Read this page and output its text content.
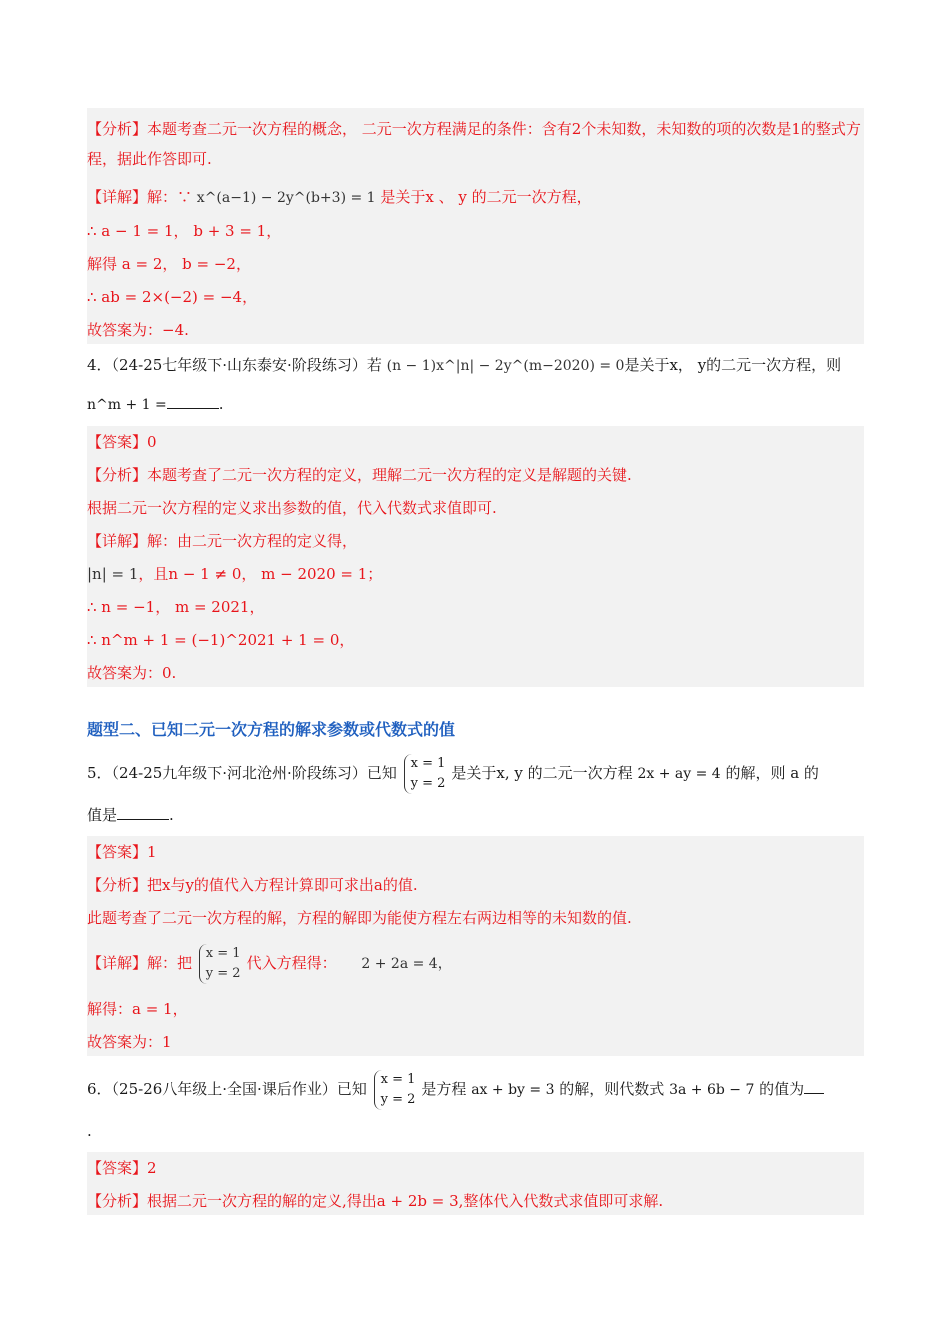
【分析】本题考查二元一次方程的概念， 二元一次方程满足的条件：含有2个未知数，未知数的项的次数是1的整式方程，据此作答即可.

【详解】解：∵ x^(a−1) − 2y^(b+3) = 1 是关于x 、 y 的二元一次方程，

∴ a − 1 = 1， b + 3 = 1，

解得 a = 2， b = −2，

∴ ab = 2×(−2) = −4，

故答案为：−4.

4．（24-25七年级下·山东泰安·阶段练习）若 (n − 1)x^|n| − 2y^(m−2020) = 0是关于x， y的二元一次方程，则

n^m + 1 =	.

【答案】0

【分析】本题考查了二元一次方程的定义，理解二元一次方程的定义是解题的关键.

根据二元一次方程的定义求出参数的值，代入代数式求值即可.

【详解】解：由二元一次方程的定义得，

|n| = 1，且n − 1 ≠ 0， m − 2020 = 1；

∴ n = −1， m = 2021，

∴ n^m + 1 = (−1)^2021 + 1 = 0，

故答案为：0.

题型二、已知二元一次方程的解求参数或代数式的值

5．（24-25九年级下·河北沧州·阶段练习）已知 x = 1
y = 2是关于x, y 的二元一次方程 2x + ay = 4 的解，则 a 的

值是	.

【答案】1

【分析】把x与y的值代入方程计算即可求出a的值.

此题考查了二元一次方程的解，方程的解即为能使方程左右两边相等的未知数的值.

【详解】解：把 x = 1
y = 2代入方程得： 2 + 2a = 4，

解得：a = 1，

故答案为：1

6．（25-26八年级上·全国·课后作业）已知 x = 1
y = 2是方程 ax + by = 3 的解，则代数式 3a + 6b − 7 的值为

.

【答案】2

【分析】根据二元一次方程的解的定义,得出a + 2b = 3,整体代入代数式求值即可求解.
